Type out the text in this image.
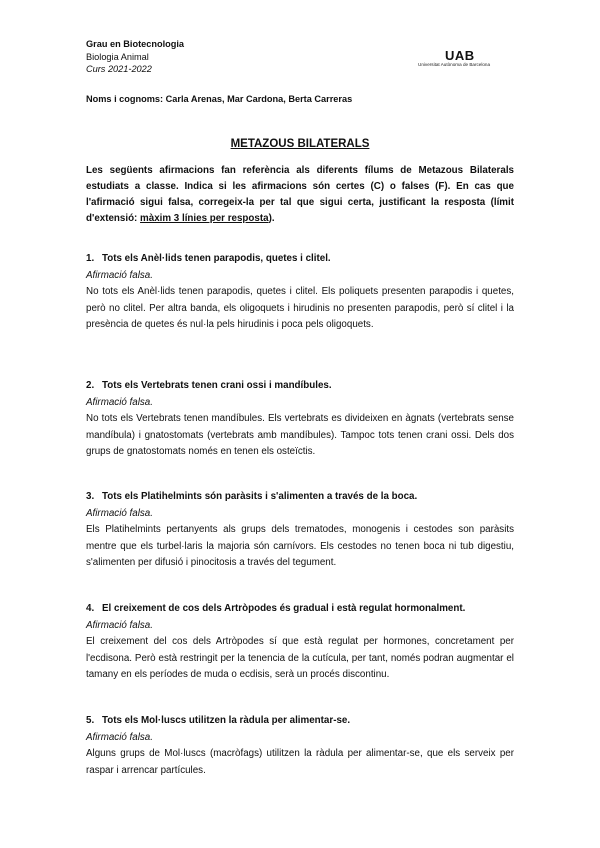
Grau en Biotecnologia
Biologia Animal
Curs 2021-2022
UAB
Universitat Autònoma de Barcelona
Noms i cognoms: Carla Arenas, Mar Cardona, Berta Carreras
METAZOUS BILATERALS
Les següents afirmacions fan referència als diferents fílums de Metazous Bilaterals estudiats a classe. Indica si les afirmacions són certes (C) o falses (F). En cas que l'afirmació sigui falsa, corregeix-la per tal que sigui certa, justificant la resposta (límit d'extensió: màxim 3 línies per resposta).
1. Tots els Anèl·lids tenen parapodis, quetes i clitel.
Afirmació falsa.
No tots els Anèl·lids tenen parapodis, quetes i clitel. Els poliquets presenten parapodis i quetes, però no clitel. Per altra banda, els oligoquets i hirudinis no presenten parapodis, però sí clitel i la presència de quetes és nul·la pels hirudinis i poca pels oligoquets.
2. Tots els Vertebrats tenen crani ossi i mandíbules.
Afirmació falsa.
No tots els Vertebrats tenen mandíbules. Els vertebrats es divideixen en àgnats (vertebrats sense mandíbula) i gnatostomats (vertebrats amb mandíbules). Tampoc tots tenen crani ossi. Dels dos grups de gnatostomats només en tenen els osteïctis.
3. Tots els Platihelmints són paràsits i s'alimenten a través de la boca.
Afirmació falsa.
Els Platihelmints pertanyents als grups dels trematodes, monogenis i cestodes son paràsits mentre que els turbel·laris la majoria són carnívors. Els cestodes no tenen boca ni tub digestiu, s'alimenten per difusió i pinocitosis a través del tegument.
4. El creixement de cos dels Artròpodes és gradual i està regulat hormonalment.
Afirmació falsa.
El creixement del cos dels Artròpodes sí que està regulat per hormones, concretament per l'ecdisona. Però està restringit per la tenencia de la cutícula, per tant, només podran augmentar el tamany en els períodes de muda o ecdisis, serà un procés discontinu.
5. Tots els Mol·luscs utilitzen la ràdula per alimentar-se.
Afirmació falsa.
Alguns grups de Mol·luscs (macròfags) utilitzen la ràdula per alimentar-se, que els serveix per raspar i arrencar partícules.
